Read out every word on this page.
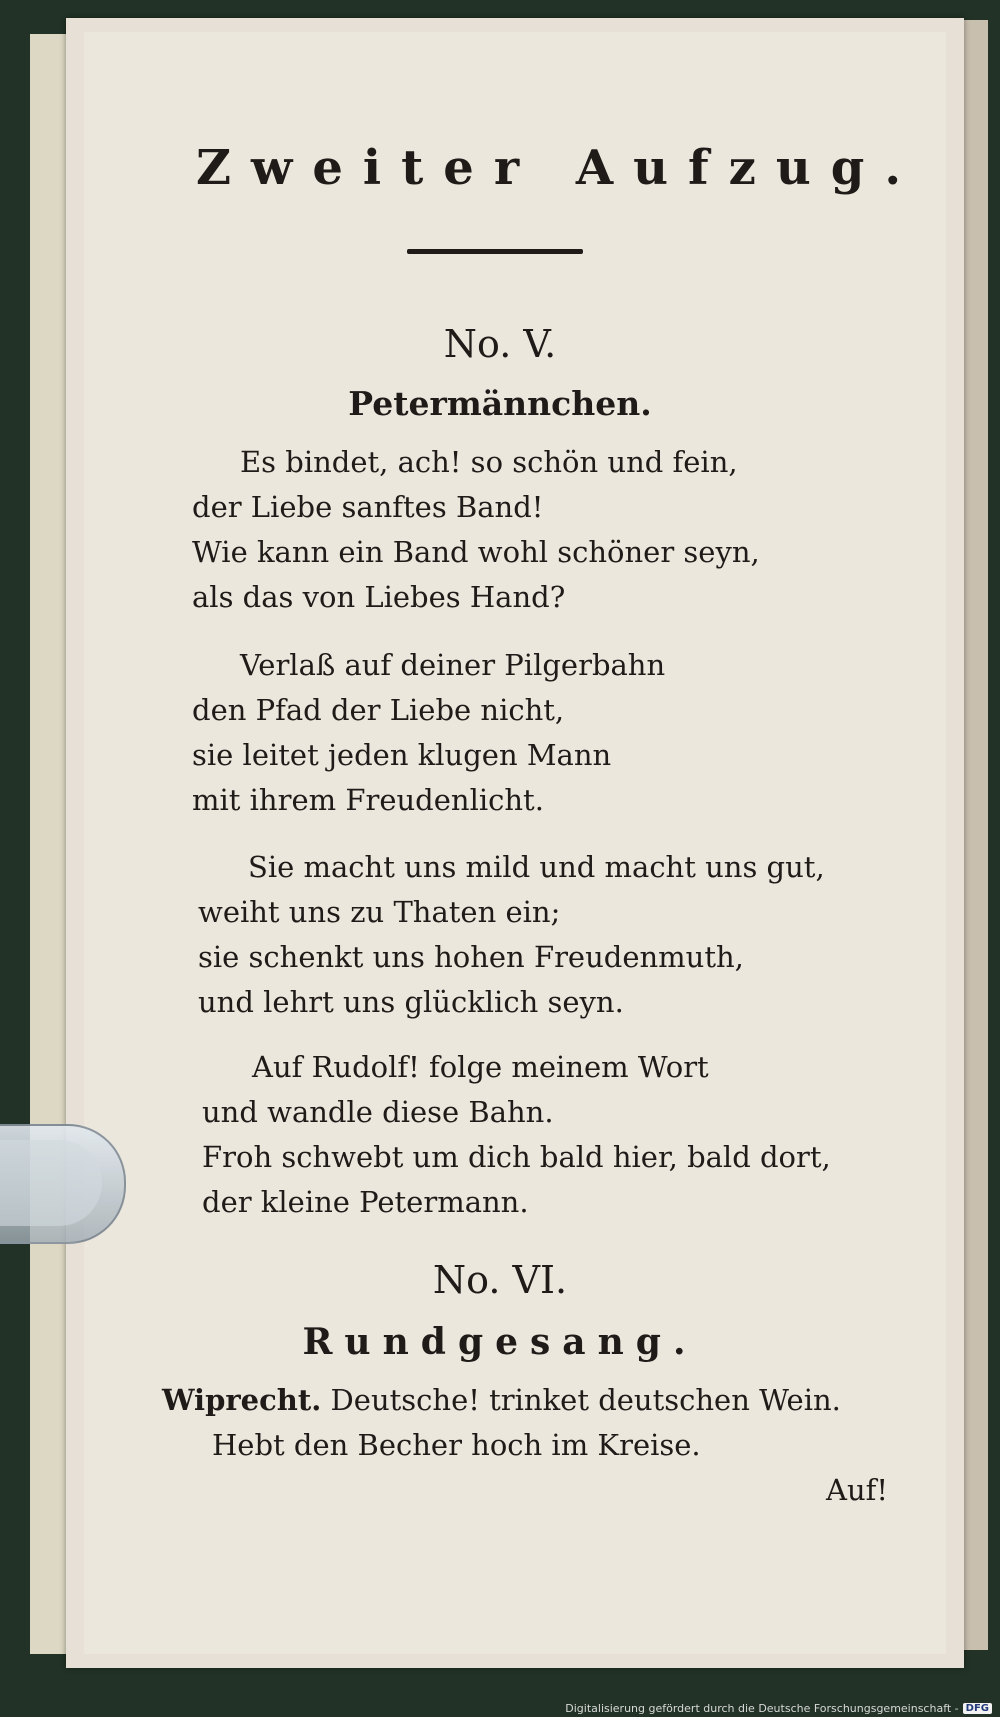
Zweiter Aufzug.
No. V.
Petermännchen.
Es bindet, ach! so schön und fein,
der Liebe sanftes Band!
Wie kann ein Band wohl schöner seyn,
als das von Liebes Hand?
Verlaß auf deiner Pilgerbahn
den Pfad der Liebe nicht,
sie leitet jeden klugen Mann
mit ihrem Freudenlicht.
Sie macht uns mild und macht uns gut,
weiht uns zu Thaten ein;
sie schenkt uns hohen Freudenmuth,
und lehrt uns glücklich seyn.
Auf Rudolf! folge meinem Wort
und wandle diese Bahn.
Froh schwebt um dich bald hier, bald dort,
der kleine Petermann.
No. VI.
Rundgesang.
Wiprecht. Deutsche! trinket deutschen Wein.
Hebt den Becher hoch im Kreise.
Auf!
Digitalisierung gefördert durch die Deutsche Forschungsgemeinschaft - DFG
